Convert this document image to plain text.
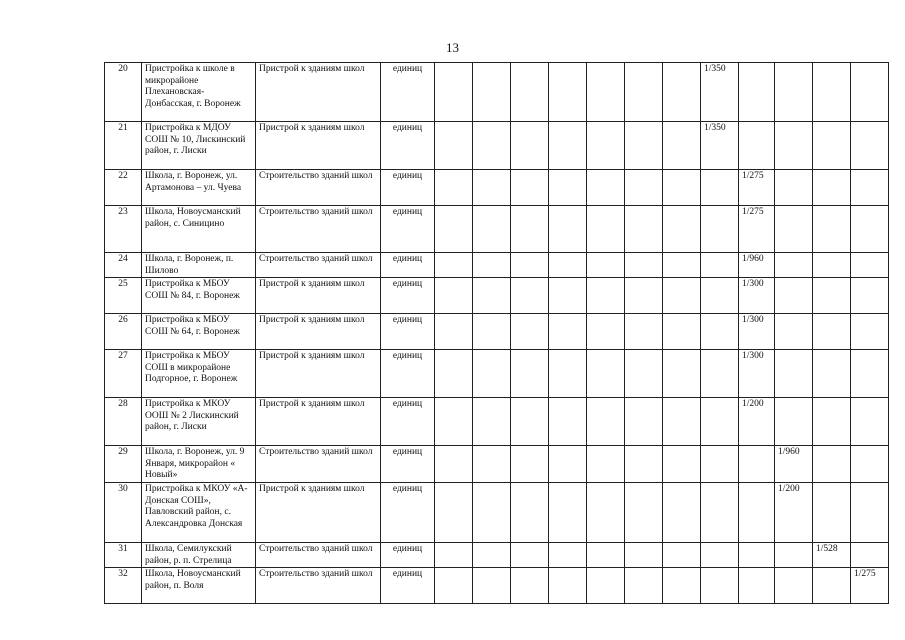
13
20	Пристройка к школе в микрорайоне Плехановская-Донбасская, г. Воронеж	Пристрой к зданиям школ	единиц								1/350				
21	Пристройка к МДОУ СОШ № 10, Лискинский район, г. Лиски	Пристрой к зданиям школ	единиц								1/350				
22	Школа, г. Воронеж, ул. Артамонова – ул. Чуева	Строительство зданий школ	единиц									1/275			
23	Школа, Новоусманский район, с. Синицино	Строительство зданий школ	единиц									1/275			
24	Школа, г. Воронеж, п. Шилово	Строительство зданий школ	единиц									1/960			
25	Пристройка к МБОУ СОШ № 84, г. Воронеж	Пристрой к зданиям школ	единиц									1/300			
26	Пристройка к МБОУ СОШ № 64, г. Воронеж	Пристрой к зданиям школ	единиц									1/300			
27	Пристройка к МБОУ СОШ в микрорайоне Подгорное, г. Воронеж	Пристрой к зданиям школ	единиц									1/300			
28	Пристройка к МКОУ ООШ № 2 Лискинский район, г. Лиски	Пристрой к зданиям школ	единиц									1/200			
29	Школа, г. Воронеж, ул. 9 Января, микрорайон « Новый»	Строительство зданий школ	единиц										1/960		
30	Пристройка к МКОУ «А-Донская СОШ», Павловский район, с. Александровка Донская	Пристрой к зданиям школ	единиц										1/200		
31	Школа, Семилукский район, р. п. Стрелица	Строительство зданий школ	единиц											1/528	
32	Школа, Новоусманский район, п. Воля	Строительство зданий школ	единиц												1/275
